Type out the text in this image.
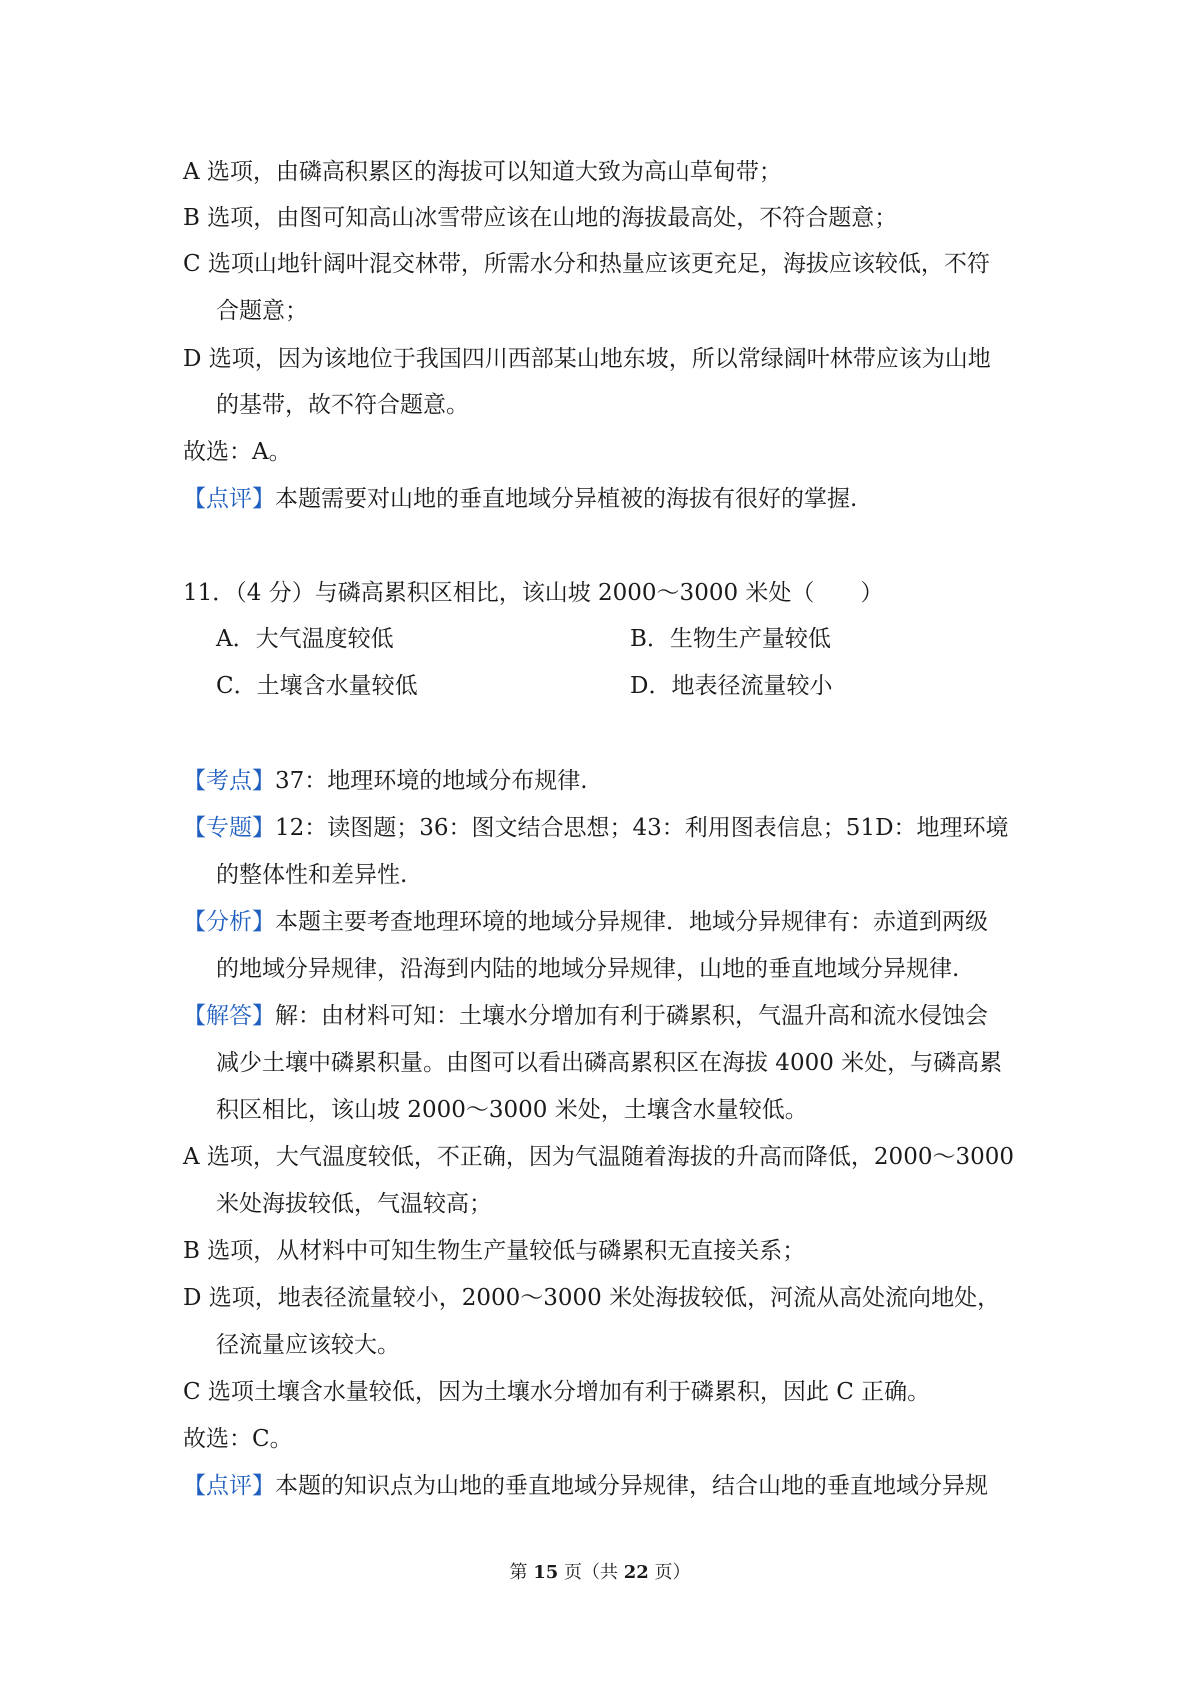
A 选项，由磷高积累区的海拔可以知道大致为高山草甸带；
B 选项，由图可知高山冰雪带应该在山地的海拔最高处，不符合题意；
C 选项山地针阔叶混交林带，所需水分和热量应该更充足，海拔应该较低，不符
合题意；
D 选项，因为该地位于我国四川西部某山地东坡，所以常绿阔叶林带应该为山地
的基带，故不符合题意。
故选：A。
【点评】本题需要对山地的垂直地域分异植被的海拔有很好的掌握.
11．（4 分）与磷高累积区相比，该山坡 2000～3000 米处（　　）
A．大气温度较低	B．生物生产量较低
C．土壤含水量较低	D．地表径流量较小
【考点】37：地理环境的地域分布规律.
【专题】12：读图题；36：图文结合思想；43：利用图表信息；51D：地理环境
的整体性和差异性.
【分析】本题主要考查地理环境的地域分异规律．地域分异规律有：赤道到两级
的地域分异规律，沿海到内陆的地域分异规律，山地的垂直地域分异规律.
【解答】解：由材料可知：土壤水分增加有利于磷累积，气温升高和流水侵蚀会
减少土壤中磷累积量。由图可以看出磷高累积区在海拔 4000 米处，与磷高累
积区相比，该山坡 2000～3000 米处，土壤含水量较低。
A 选项，大气温度较低，不正确，因为气温随着海拔的升高而降低，2000～3000
米处海拔较低，气温较高；
B 选项，从材料中可知生物生产量较低与磷累积无直接关系；
D 选项，地表径流量较小，2000～3000 米处海拔较低，河流从高处流向地处，
径流量应该较大。
C 选项土壤含水量较低，因为土壤水分增加有利于磷累积，因此 C 正确。
故选：C。
【点评】本题的知识点为山地的垂直地域分异规律，结合山地的垂直地域分异规
第 15 页（共 22 页）
